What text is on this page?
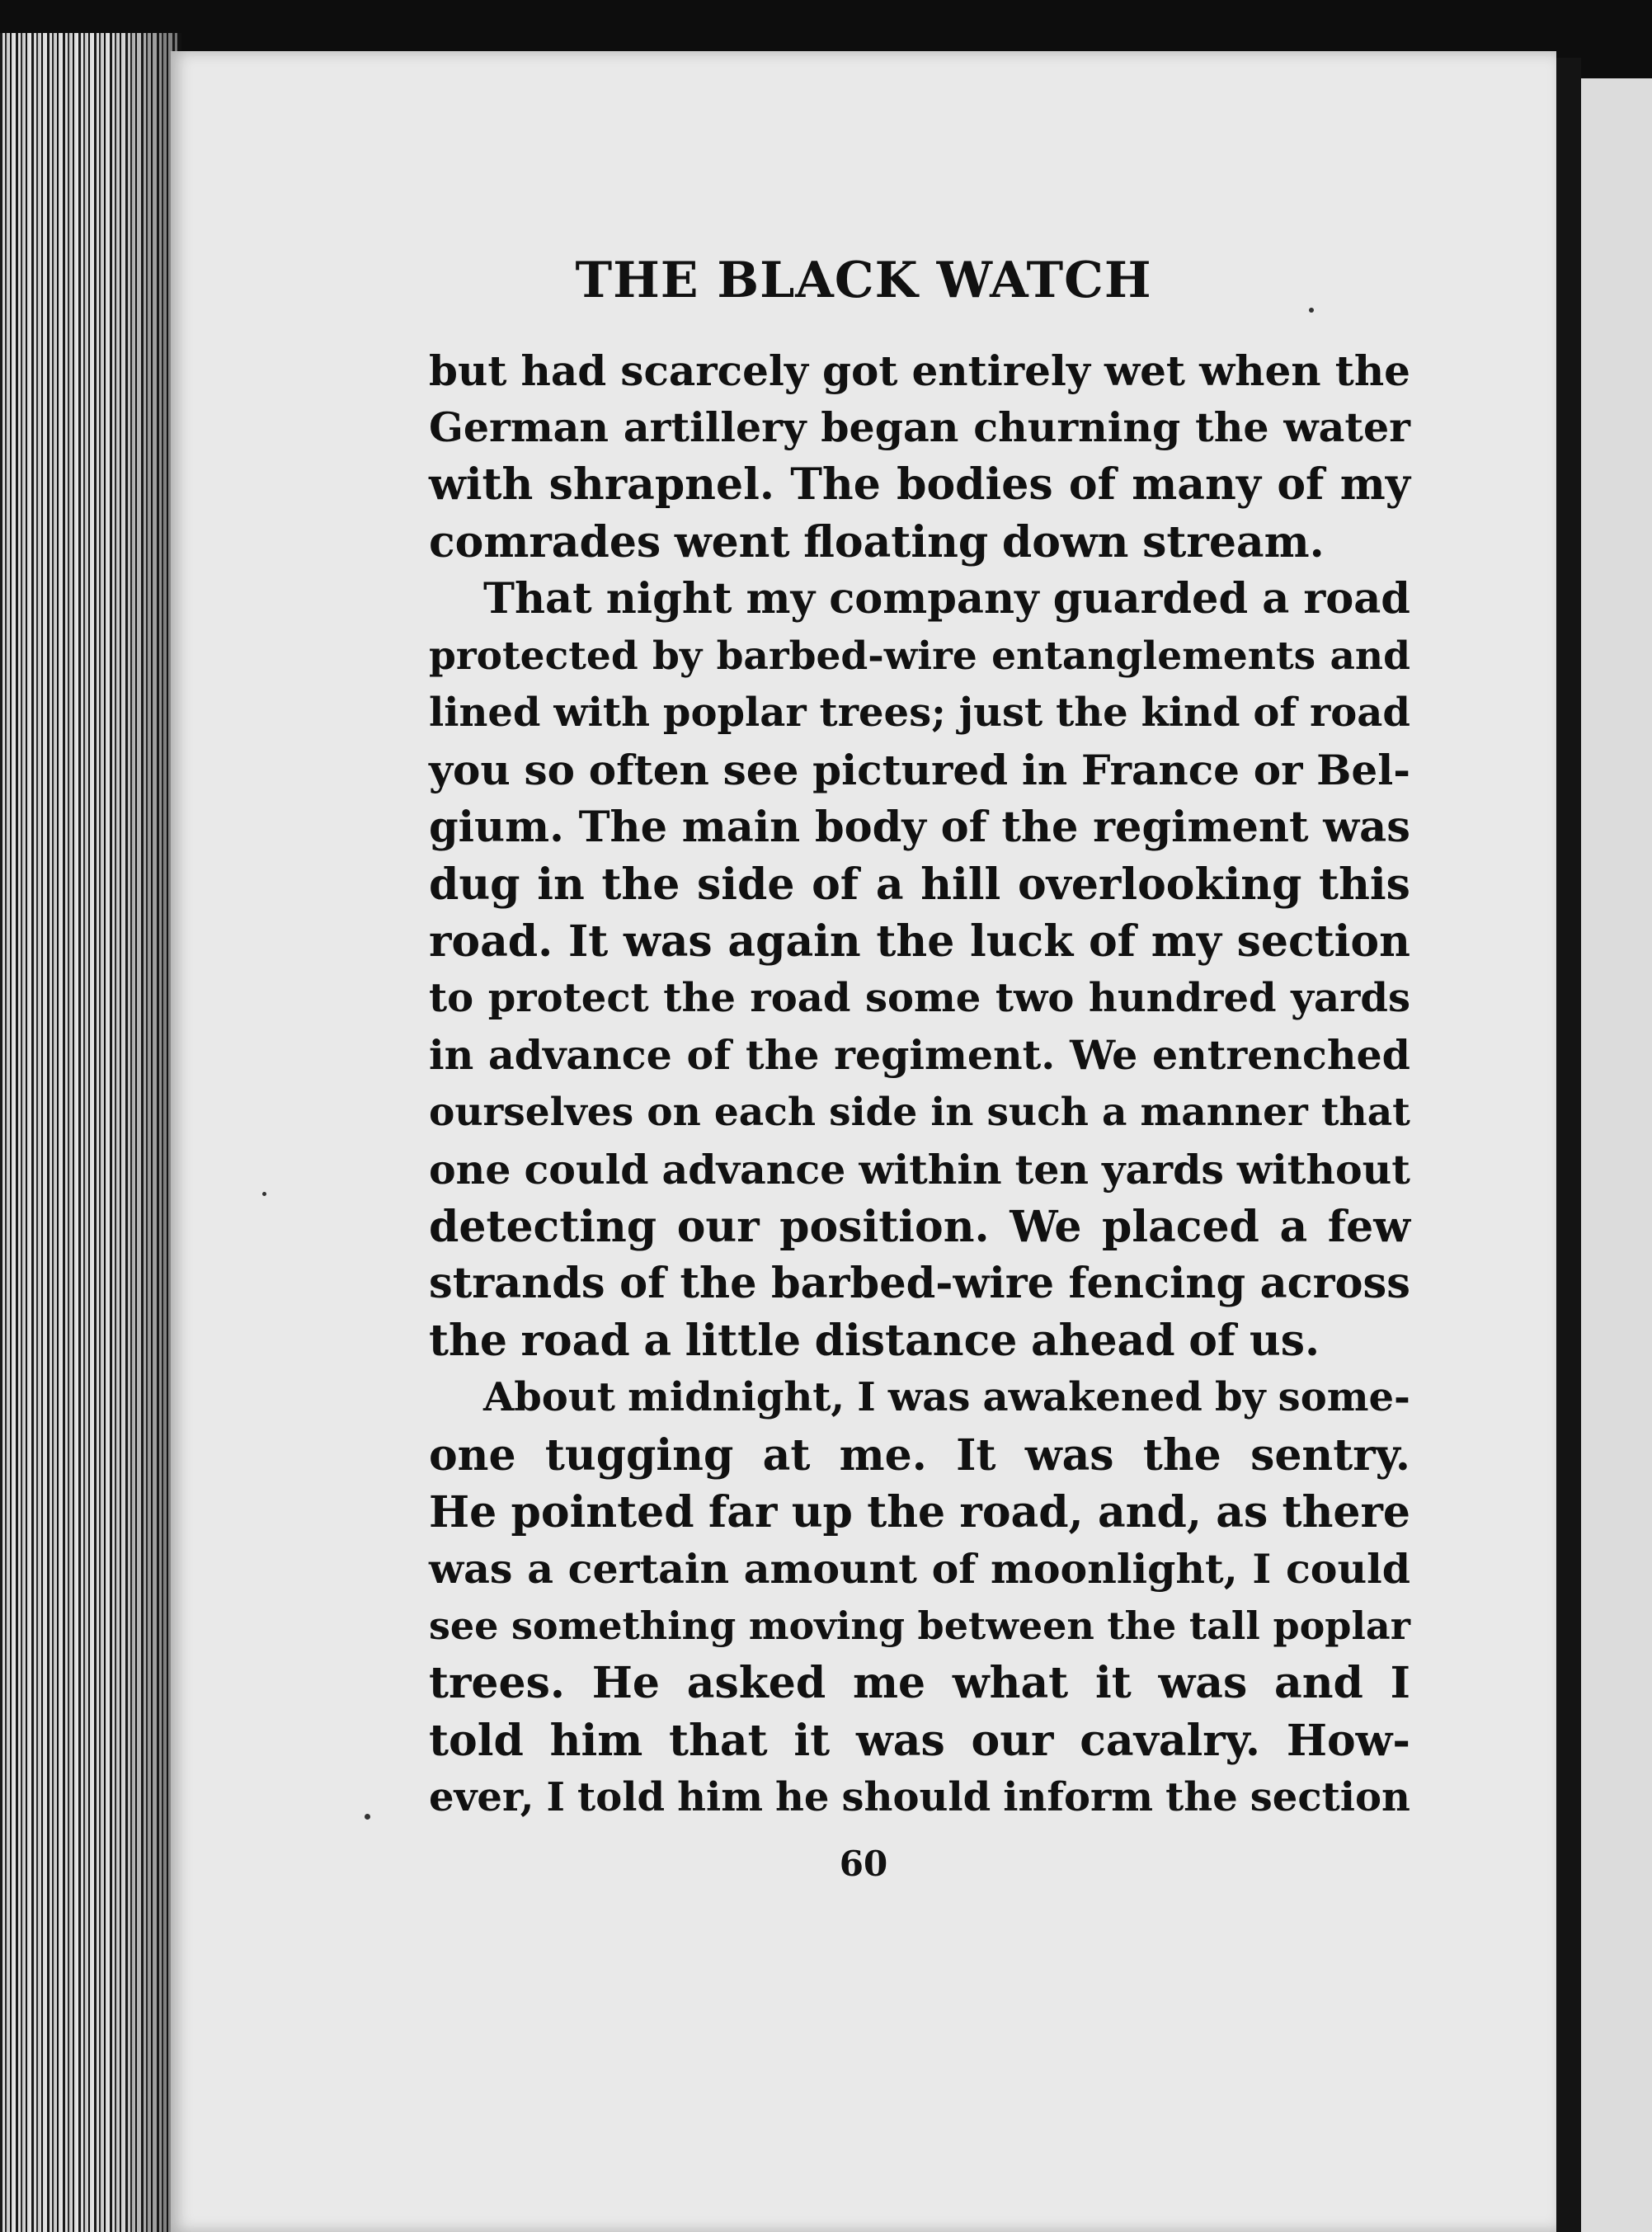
THE BLACK WATCH
but had scarcely got entirely wet when the
German artillery began churning the water
with shrapnel. The bodies of many of my
comrades went floating down stream.
That night my company guarded a road
protected by barbed-wire entanglements and
lined with poplar trees; just the kind of road
you so often see pictured in France or Bel-
gium. The main body of the regiment was
dug in the side of a hill overlooking this
road. It was again the luck of my section
to protect the road some two hundred yards
in advance of the regiment. We entrenched
ourselves on each side in such a manner that
one could advance within ten yards without
detecting our position. We placed a few
strands of the barbed-wire fencing across
the road a little distance ahead of us.
About midnight, I was awakened by some-
one tugging at me. It was the sentry.
He pointed far up the road, and, as there
was a certain amount of moonlight, I could
see something moving between the tall poplar
trees. He asked me what it was and I
told him that it was our cavalry. How-
ever, I told him he should inform the section
60
